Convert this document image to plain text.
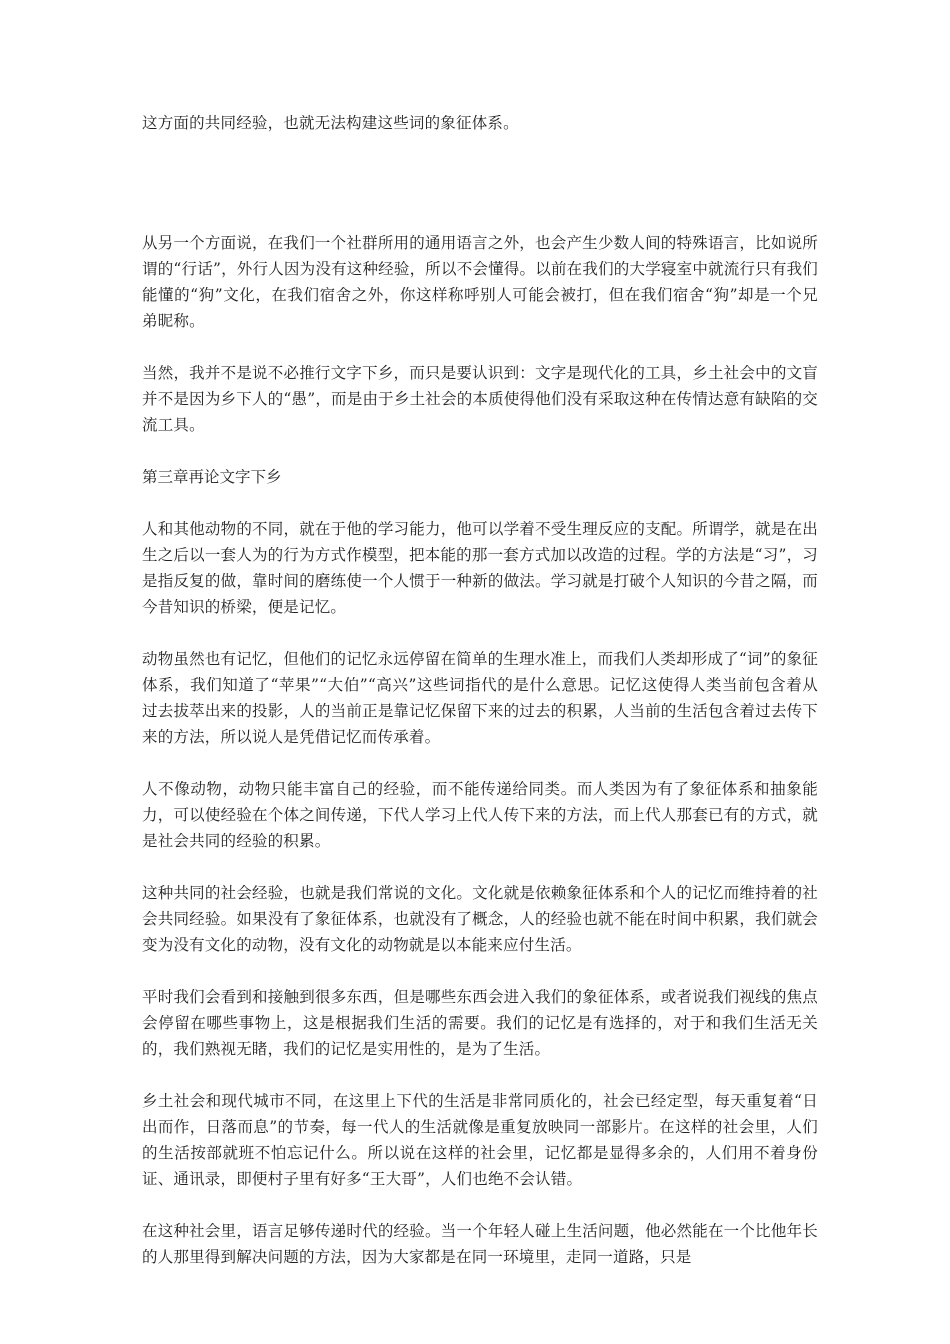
这方面的共同经验，也就无法构建这些词的象征体系。

从另一个方面说，在我们一个社群所用的通用语言之外，也会产生少数人间的特殊语言，比如说所谓的“行话”，外行人因为没有这种经验，所以不会懂得。以前在我们的大学寝室中就流行只有我们能懂的“狗”文化，在我们宿舍之外，你这样称呼别人可能会被打，但在我们宿舍“狗”却是一个兄弟昵称。

当然，我并不是说不必推行文字下乡，而只是要认识到：文字是现代化的工具，乡土社会中的文盲并不是因为乡下人的“愚”，而是由于乡土社会的本质使得他们没有采取这种在传情达意有缺陷的交流工具。

第三章再论文字下乡

人和其他动物的不同，就在于他的学习能力，他可以学着不受生理反应的支配。所谓学，就是在出生之后以一套人为的行为方式作模型，把本能的那一套方式加以改造的过程。学的方法是“习”，习是指反复的做，靠时间的磨练使一个人惯于一种新的做法。学习就是打破个人知识的今昔之隔，而今昔知识的桥梁，便是记忆。

动物虽然也有记忆，但他们的记忆永远停留在简单的生理水准上，而我们人类却形成了“词”的象征体系，我们知道了“苹果”“大伯”“高兴”这些词指代的是什么意思。记忆这使得人类当前包含着从过去拔萃出来的投影，人的当前正是靠记忆保留下来的过去的积累，人当前的生活包含着过去传下来的方法，所以说人是凭借记忆而传承着。

人不像动物，动物只能丰富自己的经验，而不能传递给同类。而人类因为有了象征体系和抽象能力，可以使经验在个体之间传递，下代人学习上代人传下来的方法，而上代人那套已有的方式，就是社会共同的经验的积累。

这种共同的社会经验，也就是我们常说的文化。文化就是依赖象征体系和个人的记忆而维持着的社会共同经验。如果没有了象征体系，也就没有了概念，人的经验也就不能在时间中积累，我们就会变为没有文化的动物，没有文化的动物就是以本能来应付生活。

平时我们会看到和接触到很多东西，但是哪些东西会进入我们的象征体系，或者说我们视线的焦点会停留在哪些事物上，这是根据我们生活的需要。我们的记忆是有选择的，对于和我们生活无关的，我们熟视无睹，我们的记忆是实用性的，是为了生活。

乡土社会和现代城市不同，在这里上下代的生活是非常同质化的，社会已经定型，每天重复着“日出而作，日落而息”的节奏，每一代人的生活就像是重复放映同一部影片。在这样的社会里，人们的生活按部就班不怕忘记什么。所以说在这样的社会里，记忆都是显得多余的，人们用不着身份证、通讯录，即便村子里有好多“王大哥”，人们也绝不会认错。

在这种社会里，语言足够传递时代的经验。当一个年轻人碰上生活问题，他必然能在一个比他年长的人那里得到解决问题的方法，因为大家都是在同一环境里，走同一道路，只是
